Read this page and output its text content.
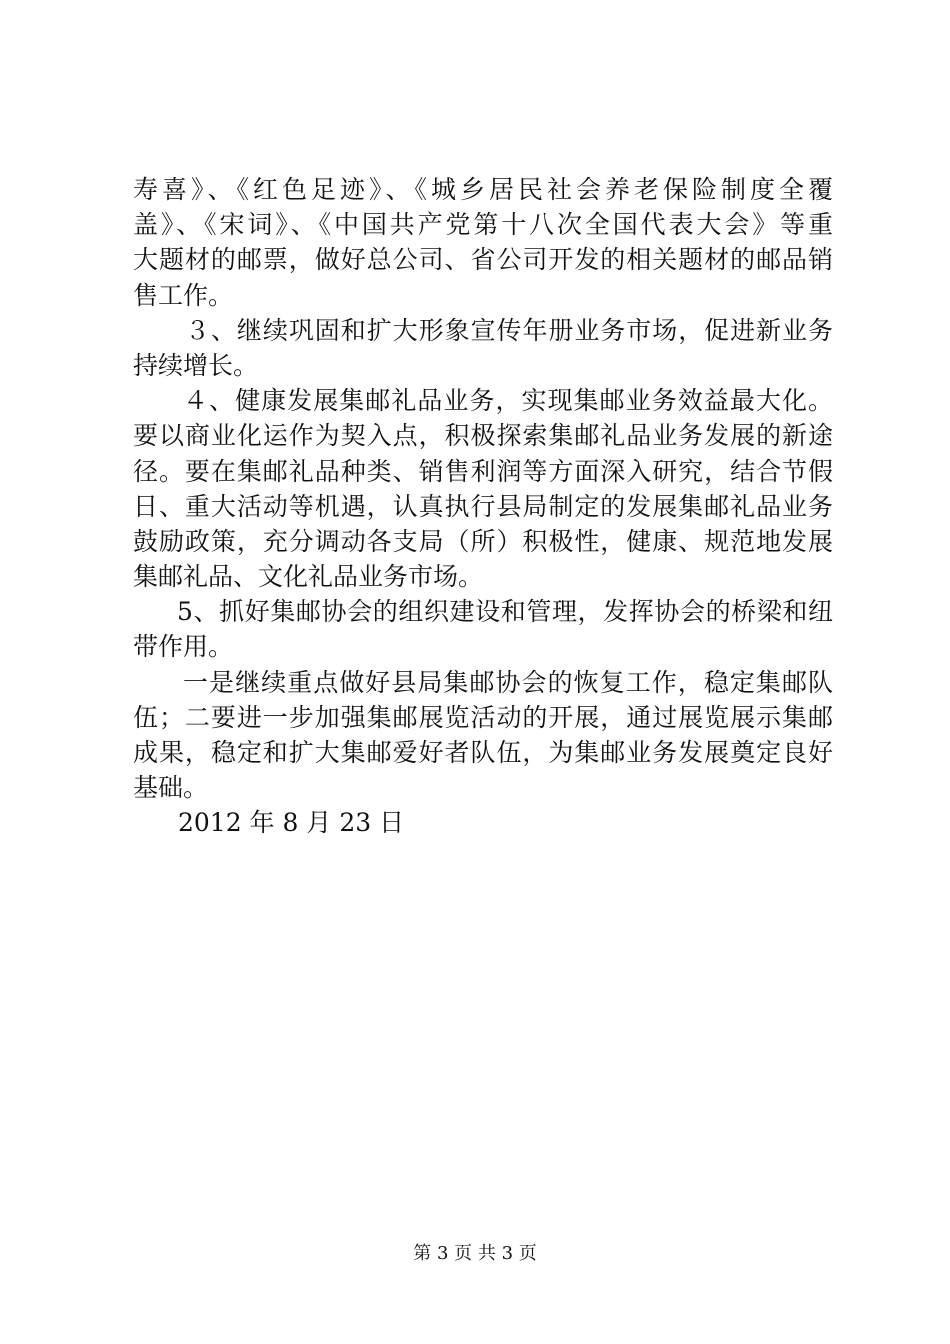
寿喜》、《红色足迹》、《城乡居民社会养老保险制度全覆
盖》、《宋词》、《中国共产党第十八次全国代表大会》等重
大题材的邮票，做好总公司、省公司开发的相关题材的邮品销
售工作。
３、继续巩固和扩大形象宣传年册业务市场，促进新业务
持续增长。
４、健康发展集邮礼品业务，实现集邮业务效益最大化。
要以商业化运作为契入点，积极探索集邮礼品业务发展的新途
径。要在集邮礼品种类、销售利润等方面深入研究，结合节假
日、重大活动等机遇，认真执行县局制定的发展集邮礼品业务
鼓励政策，充分调动各支局（所）积极性，健康、规范地发展
集邮礼品、文化礼品业务市场。
5、抓好集邮协会的组织建设和管理，发挥协会的桥梁和纽
带作用。
一是继续重点做好县局集邮协会的恢复工作，稳定集邮队
伍；二要进一步加强集邮展览活动的开展，通过展览展示集邮
成果，稳定和扩大集邮爱好者队伍，为集邮业务发展奠定良好
基础。
2012 年 8 月 23 日
第 3 页 共 3 页
